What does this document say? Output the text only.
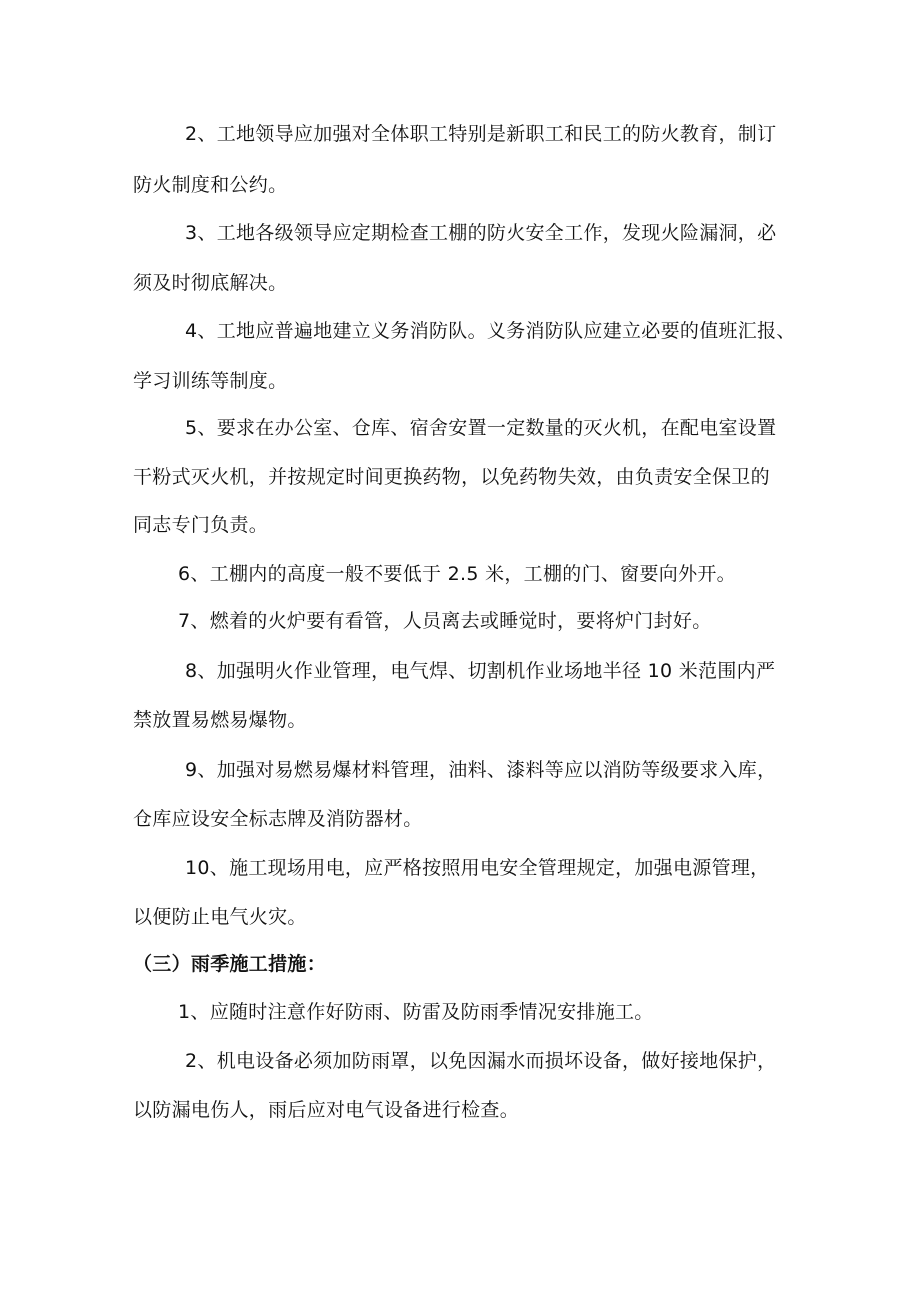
2、工地领导应加强对全体职工特别是新职工和民工的防火教育，制订
防火制度和公约。
3、工地各级领导应定期检查工棚的防火安全工作，发现火险漏洞，必
须及时彻底解决。
4、工地应普遍地建立义务消防队。义务消防队应建立必要的值班汇报、
学习训练等制度。
5、要求在办公室、仓库、宿舍安置一定数量的灭火机，在配电室设置
干粉式灭火机，并按规定时间更换药物，以免药物失效，由负责安全保卫的
同志专门负责。
6、工棚内的高度一般不要低于 2.5 米，工棚的门、窗要向外开。
7、燃着的火炉要有看管，人员离去或睡觉时，要将炉门封好。
8、加强明火作业管理，电气焊、切割机作业场地半径 10 米范围内严
禁放置易燃易爆物。
9、加强对易燃易爆材料管理，油料、漆料等应以消防等级要求入库，
仓库应设安全标志牌及消防器材。
10、施工现场用电，应严格按照用电安全管理规定，加强电源管理，
以便防止电气火灾。
（三）雨季施工措施：
1、应随时注意作好防雨、防雷及防雨季情况安排施工。
2、机电设备必须加防雨罩，以免因漏水而损坏设备，做好接地保护，
以防漏电伤人，雨后应对电气设备进行检查。
